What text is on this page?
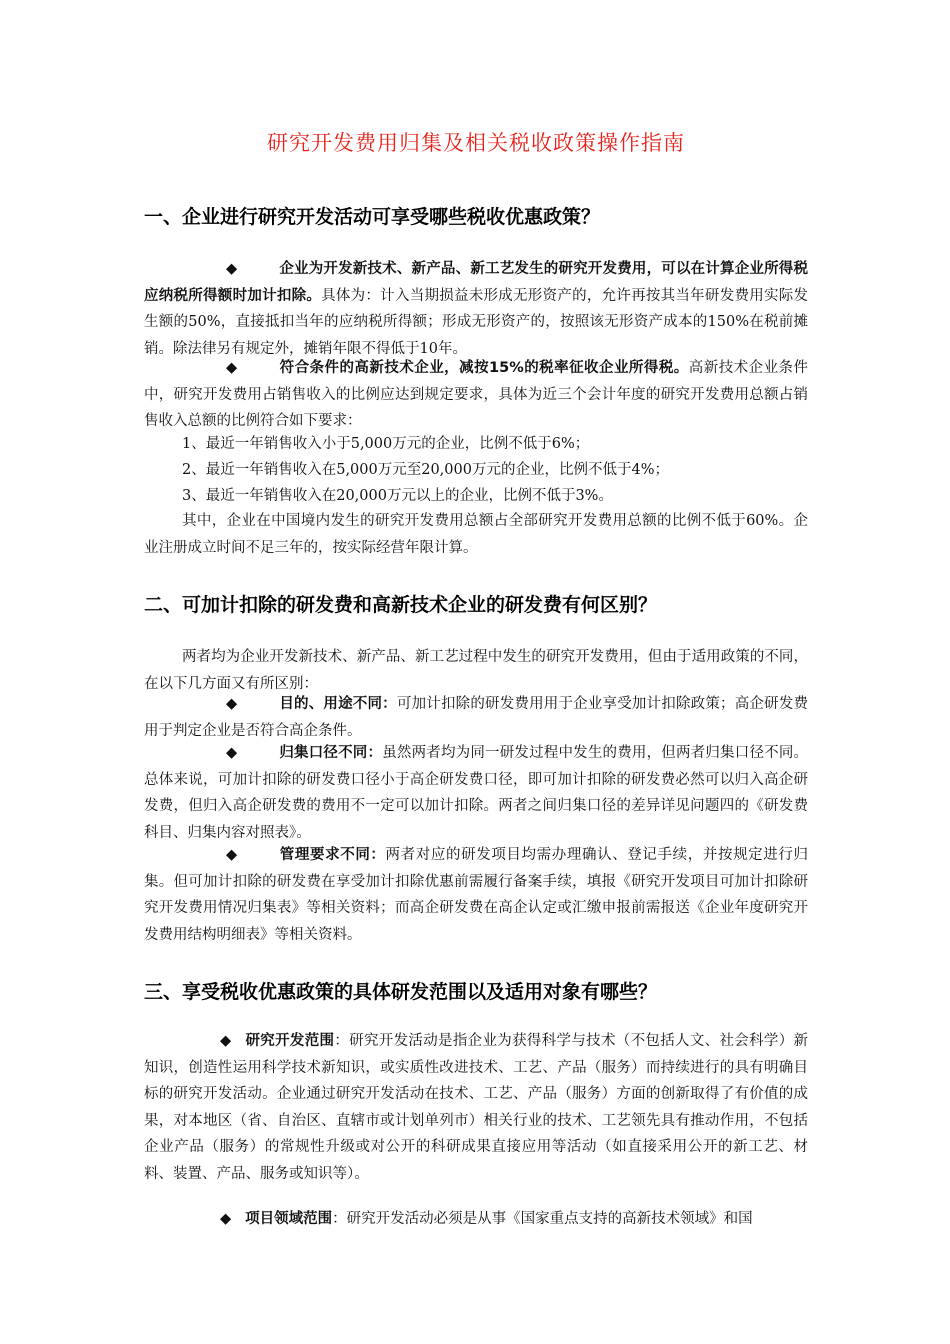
研究开发费用归集及相关税收政策操作指南
一、企业进行研究开发活动可享受哪些税收优惠政策？
◆	企业为开发新技术、新产品、新工艺发生的研究开发费用，可以在计算企业所得税应纳税所得额时加计扣除。具体为：计入当期损益未形成无形资产的，允许再按其当年研发费用实际发生额的50%，直接抵扣当年的应纳税所得额；形成无形资产的，按照该无形资产成本的150%在税前摊销。除法律另有规定外，摊销年限不得低于10年。
◆	符合条件的高新技术企业，减按15%的税率征收企业所得税。高新技术企业条件中，研究开发费用占销售收入的比例应达到规定要求，具体为近三个会计年度的研究开发费用总额占销售收入总额的比例符合如下要求：
1、最近一年销售收入小于5,000万元的企业，比例不低于6%；
2、最近一年销售收入在5,000万元至20,000万元的企业，比例不低于4%；
3、最近一年销售收入在20,000万元以上的企业，比例不低于3%。
其中，企业在中国境内发生的研究开发费用总额占全部研究开发费用总额的比例不低于60%。企业注册成立时间不足三年的，按实际经营年限计算。
二、可加计扣除的研发费和高新技术企业的研发费有何区别？
两者均为企业开发新技术、新产品、新工艺过程中发生的研究开发费用，但由于适用政策的不同，在以下几方面又有所区别：
◆	目的、用途不同：可加计扣除的研发费用用于企业享受加计扣除政策；高企研发费用于判定企业是否符合高企条件。
◆	归集口径不同：虽然两者均为同一研发过程中发生的费用，但两者归集口径不同。总体来说，可加计扣除的研发费口径小于高企研发费口径，即可加计扣除的研发费必然可以归入高企研发费，但归入高企研发费的费用不一定可以加计扣除。两者之间归集口径的差异详见问题四的《研发费科目、归集内容对照表》。
◆	管理要求不同：两者对应的研发项目均需办理确认、登记手续，并按规定进行归集。但可加计扣除的研发费在享受加计扣除优惠前需履行备案手续，填报《研究开发项目可加计扣除研究开发费用情况归集表》等相关资料；而高企研发费在高企认定或汇缴申报前需报送《企业年度研究开发费用结构明细表》等相关资料。
三、享受税收优惠政策的具体研发范围以及适用对象有哪些？
◆ 研究开发范围：研究开发活动是指企业为获得科学与技术（不包括人文、社会科学）新知识，创造性运用科学技术新知识，或实质性改进技术、工艺、产品（服务）而持续进行的具有明确目标的研究开发活动。企业通过研究开发活动在技术、工艺、产品（服务）方面的创新取得了有价值的成果，对本地区（省、自治区、直辖市或计划单列市）相关行业的技术、工艺领先具有推动作用，不包括企业产品（服务）的常规性升级或对公开的科研成果直接应用等活动（如直接采用公开的新工艺、材料、装置、产品、服务或知识等）。
◆ 项目领域范围：研究开发活动必须是从事《国家重点支持的高新技术领域》和国
